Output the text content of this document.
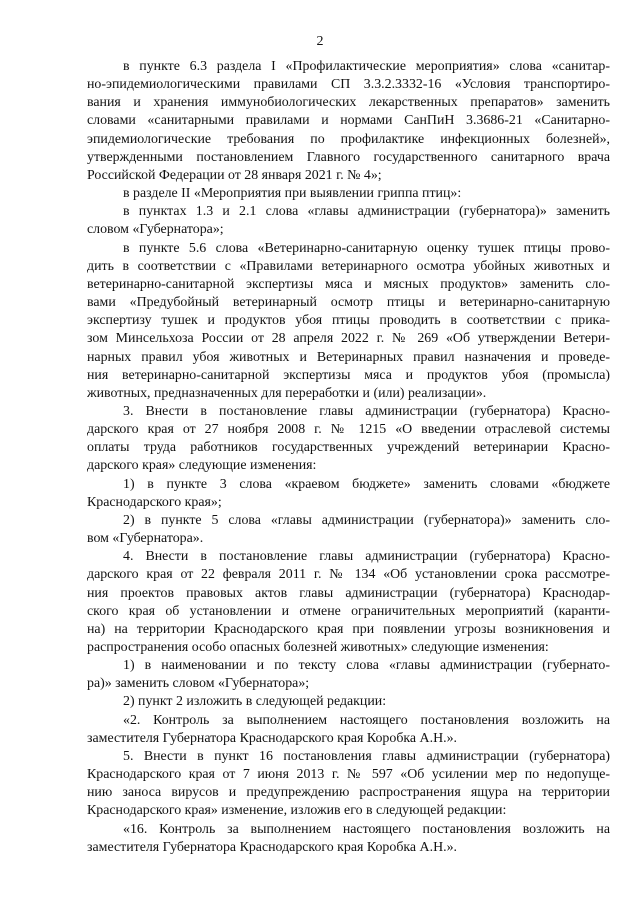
2
в пункте 6.3 раздела I «Профилактические мероприятия» слова «санитар-
но-эпидемиологическими правилами СП 3.3.2.3332-16 «Условия транспортиро-
вания и хранения иммунобиологических лекарственных препаратов» заменить
словами «санитарными правилами и нормами СанПиН 3.3686-21 «Санитарно-
эпидемиологические требования по профилактике инфекционных болезней»,
утвержденными постановлением Главного государственного санитарного врача
Российской Федерации от 28 января 2021 г. № 4»;
в разделе II «Мероприятия при выявлении гриппа птиц»:
в пунктах 1.3 и 2.1 слова «главы администрации (губернатора)» заменить
словом «Губернатора»;
в пункте 5.6 слова «Ветеринарно-санитарную оценку тушек птицы прово-
дить в соответствии с «Правилами ветеринарного осмотра убойных животных и
ветеринарно-санитарной экспертизы мяса и мясных продуктов» заменить сло-
вами «Предубойный ветеринарный осмотр птицы и ветеринарно-санитарную
экспертизу тушек и продуктов убоя птицы проводить в соответствии с прика-
зом Минсельхоза России от 28 апреля 2022 г. № 269 «Об утверждении Ветери-
нарных правил убоя животных и Ветеринарных правил назначения и проведе-
ния ветеринарно-санитарной экспертизы мяса и продуктов убоя (промысла)
животных, предназначенных для переработки и (или) реализации».
3. Внести в постановление главы администрации (губернатора) Красно-
дарского края от 27 ноября 2008 г. № 1215 «О введении отраслевой системы
оплаты труда работников государственных учреждений ветеринарии Красно-
дарского края» следующие изменения:
1) в пункте 3 слова «краевом бюджете» заменить словами «бюджете
Краснодарского края»;
2) в пункте 5 слова «главы администрации (губернатора)» заменить сло-
вом «Губернатора».
4. Внести в постановление главы администрации (губернатора) Красно-
дарского края от 22 февраля 2011 г. № 134 «Об установлении срока рассмотре-
ния проектов правовых актов главы администрации (губернатора) Краснодар-
ского края об установлении и отмене ограничительных мероприятий (каранти-
на) на территории Краснодарского края при появлении угрозы возникновения и
распространения особо опасных болезней животных» следующие изменения:
1) в наименовании и по тексту слова «главы администрации (губернато-
ра)» заменить словом «Губернатора»;
2) пункт 2 изложить в следующей редакции:
«2. Контроль за выполнением настоящего постановления возложить на
заместителя Губернатора Краснодарского края Коробка А.Н.».
5. Внести в пункт 16 постановления главы администрации (губернатора)
Краснодарского края от 7 июня 2013 г. № 597 «Об усилении мер по недопуще-
нию заноса вирусов и предупреждению распространения ящура на территории
Краснодарского края» изменение, изложив его в следующей редакции:
«16. Контроль за выполнением настоящего постановления возложить на
заместителя Губернатора Краснодарского края Коробка А.Н.».
